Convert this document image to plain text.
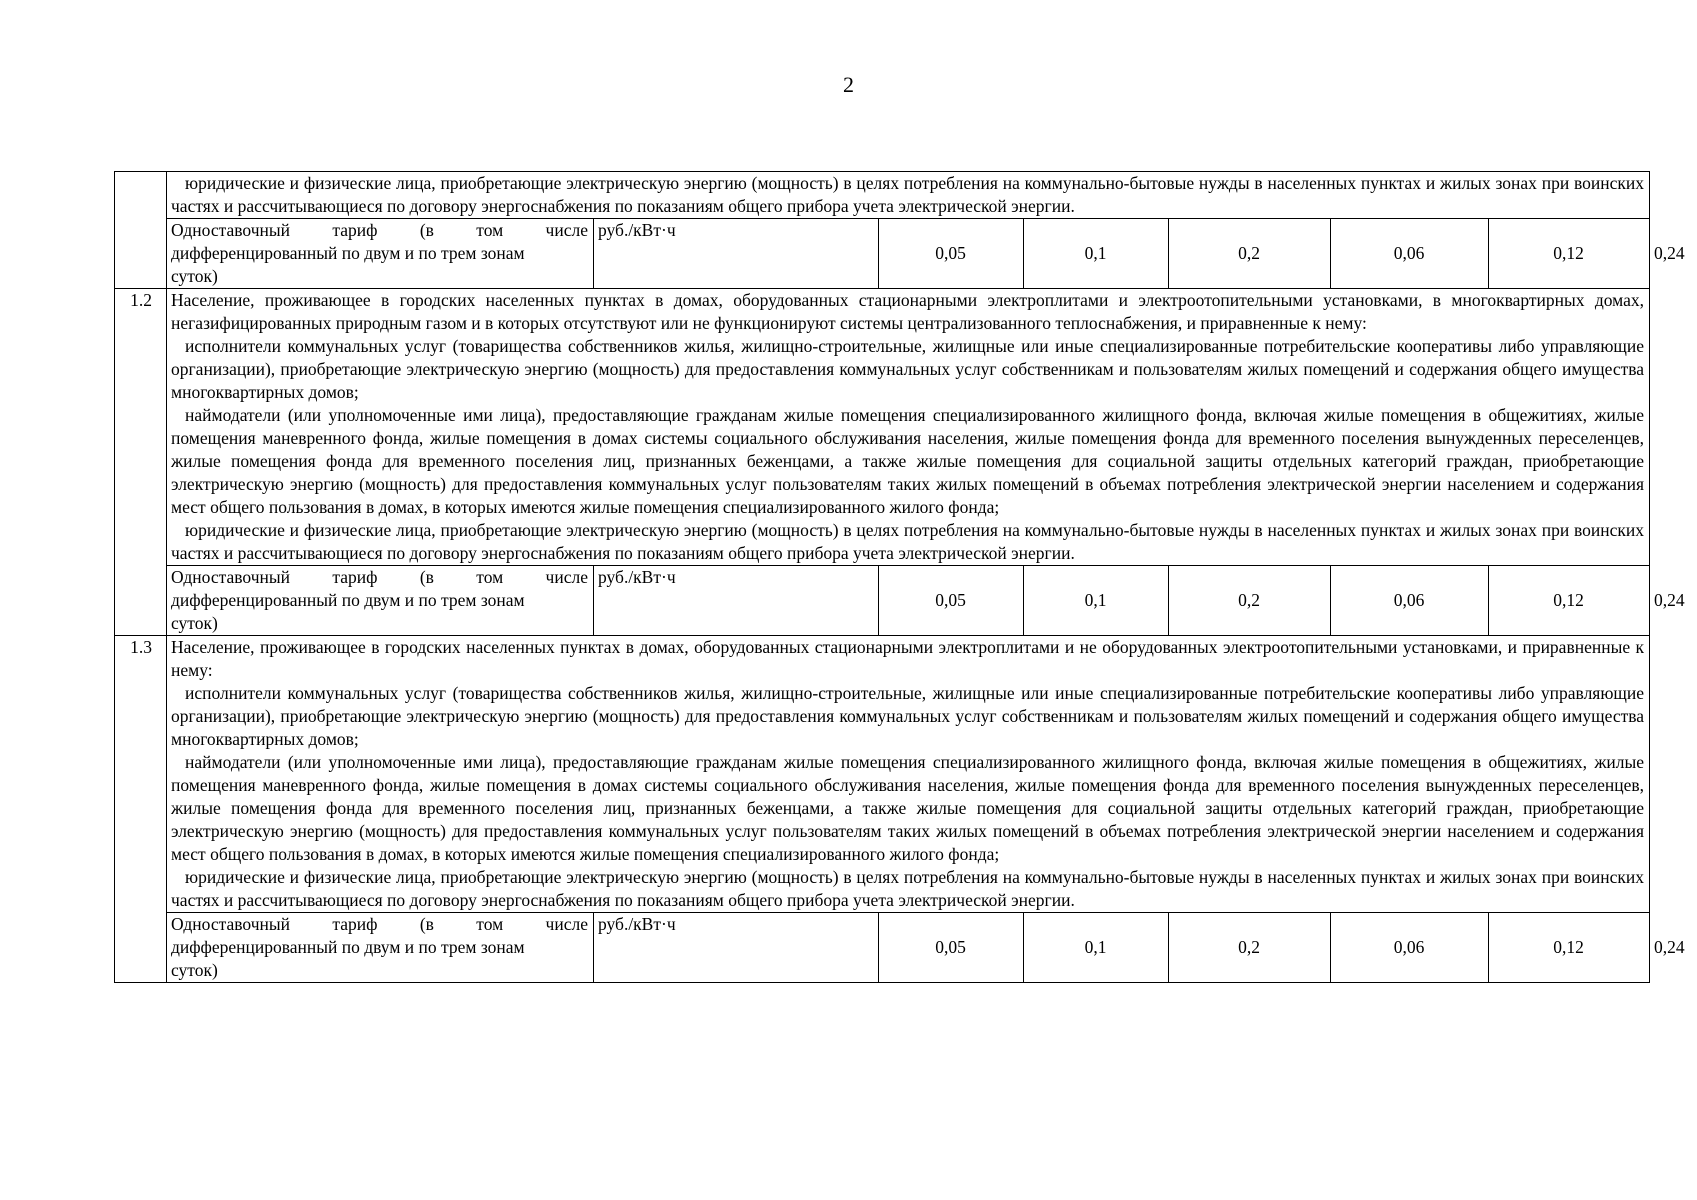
2

	юридические и физические лица, приобретающие электрическую энергию (мощность) в целях потребления на коммунально-бытовые нужды в населенных пунктах и жилых зонах при воинских частях и рассчитывающиеся по договору энергоснабжения по показаниям общего прибора учета электрической энергии.							

	Одноставочный тариф (в том числе
дифференцированный по двум и по трем зонам
суток)	руб./кВт·ч	0,05	0,1	0,2	0,06	0,12	0,24
1.2	Население, проживающее в городских населенных пунктах в домах, оборудованных стационарными электроплитами и электроотопительными установками, в многоквартирных домах, негазифицированных природным газом и в которых отсутствуют или не функционируют системы централизованного теплоснабжения, и приравненные к нему:

исполнители коммунальных услуг (товарищества собственников жилья, жилищно-строительные, жилищные или иные специализированные потребительские кооперативы либо управляющие организации), приобретающие электрическую энергию (мощность) для предоставления коммунальных услуг собственникам и пользователям жилых помещений и содержания общего имущества многоквартирных домов;

наймодатели (или уполномоченные ими лица), предоставляющие гражданам жилые помещения специализированного жилищного фонда, включая жилые помещения в общежитиях, жилые помещения маневренного фонда, жилые помещения в домах системы социального обслуживания населения, жилые помещения фонда для временного поселения вынужденных переселенцев, жилые помещения фонда для временного поселения лиц, признанных беженцами, а также жилые помещения для социальной защиты отдельных категорий граждан, приобретающие электрическую энергию (мощность) для предоставления коммунальных услуг пользователям таких жилых помещений в объемах потребления электрической энергии населением и содержания мест общего пользования в домах, в которых имеются жилые помещения специализированного жилого фонда;

юридические и физические лица, приобретающие электрическую энергию (мощность) в целях потребления на коммунально-бытовые нужды в населенных пунктах и жилых зонах при воинских частях и рассчитывающиеся по договору энергоснабжения по показаниям общего прибора учета электрической энергии.							

	Одноставочный тариф (в том числе
дифференцированный по двум и по трем зонам
суток)	руб./кВт·ч	0,05	0,1	0,2	0,06	0,12	0,24
1.3	Население, проживающее в городских населенных пунктах в домах, оборудованных стационарными электроплитами и не оборудованных электроотопительными установками, и приравненные к нему:

исполнители коммунальных услуг (товарищества собственников жилья, жилищно-строительные, жилищные или иные специализированные потребительские кооперативы либо управляющие организации), приобретающие электрическую энергию (мощность) для предоставления коммунальных услуг собственникам и пользователям жилых помещений и содержания общего имущества многоквартирных домов;

наймодатели (или уполномоченные ими лица), предоставляющие гражданам жилые помещения специализированного жилищного фонда, включая жилые помещения в общежитиях, жилые помещения маневренного фонда, жилые помещения в домах системы социального обслуживания населения, жилые помещения фонда для временного поселения вынужденных переселенцев, жилые помещения фонда для временного поселения лиц, признанных беженцами, а также жилые помещения для социальной защиты отдельных категорий граждан, приобретающие электрическую энергию (мощность) для предоставления коммунальных услуг пользователям таких жилых помещений в объемах потребления электрической энергии населением и содержания мест общего пользования в домах, в которых имеются жилые помещения специализированного жилого фонда;

юридические и физические лица, приобретающие электрическую энергию (мощность) в целях потребления на коммунально-бытовые нужды в населенных пунктах и жилых зонах при воинских частях и рассчитывающиеся по договору энергоснабжения по показаниям общего прибора учета электрической энергии.							

	Одноставочный тариф (в том числе
дифференцированный по двум и по трем зонам
суток)	руб./кВт·ч	0,05	0,1	0,2	0,06	0,12	0,24
